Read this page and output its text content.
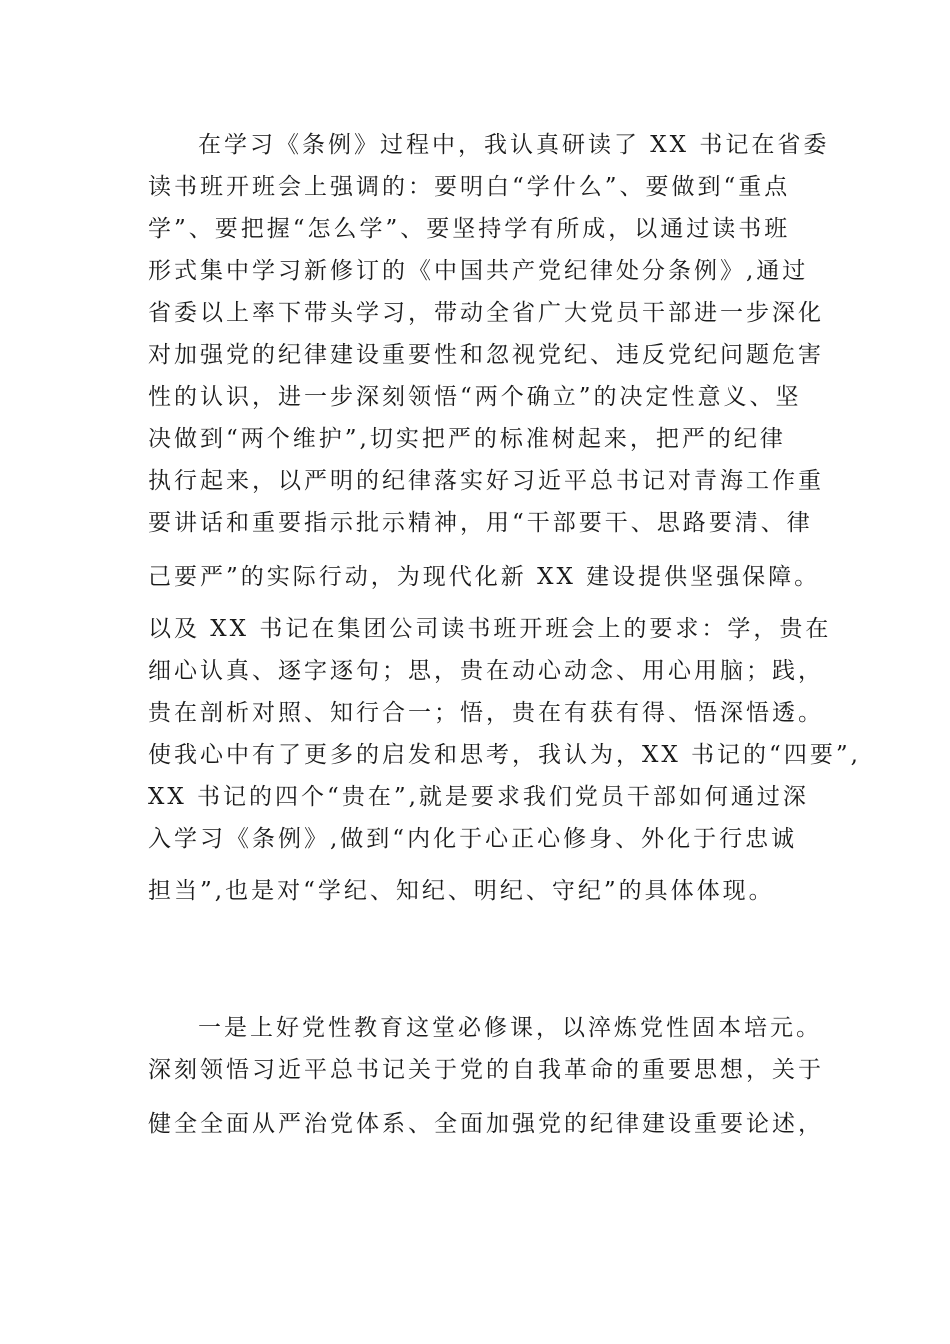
在学习《条例》过程中，我认真研读了 XX 书记在省委
读书班开班会上强调的：要明白“学什么”、要做到“重点
学”、要把握“怎么学”、要坚持学有所成，以通过读书班
形式集中学习新修订的《中国共产党纪律处分条例》,通过
省委以上率下带头学习，带动全省广大党员干部进一步深化
对加强党的纪律建设重要性和忽视党纪、违反党纪问题危害
性的认识，进一步深刻领悟“两个确立”的决定性意义、坚
决做到“两个维护”,切实把严的标准树起来，把严的纪律
执行起来，以严明的纪律落实好习近平总书记对青海工作重
要讲话和重要指示批示精神，用“干部要干、思路要清、律
己要严”的实际行动，为现代化新 XX 建设提供坚强保障。
以及 XX 书记在集团公司读书班开班会上的要求：学，贵在
细心认真、逐字逐句；思，贵在动心动念、用心用脑；践，
贵在剖析对照、知行合一；悟，贵在有获有得、悟深悟透。
使我心中有了更多的启发和思考，我认为，XX 书记的“四要”,
XX 书记的四个“贵在”,就是要求我们党员干部如何通过深
入学习《条例》,做到“内化于心正心修身、外化于行忠诚
担当”,也是对“学纪、知纪、明纪、守纪”的具体体现。
一是上好党性教育这堂必修课，以淬炼党性固本培元。
深刻领悟习近平总书记关于党的自我革命的重要思想，关于
健全全面从严治党体系、全面加强党的纪律建设重要论述，
